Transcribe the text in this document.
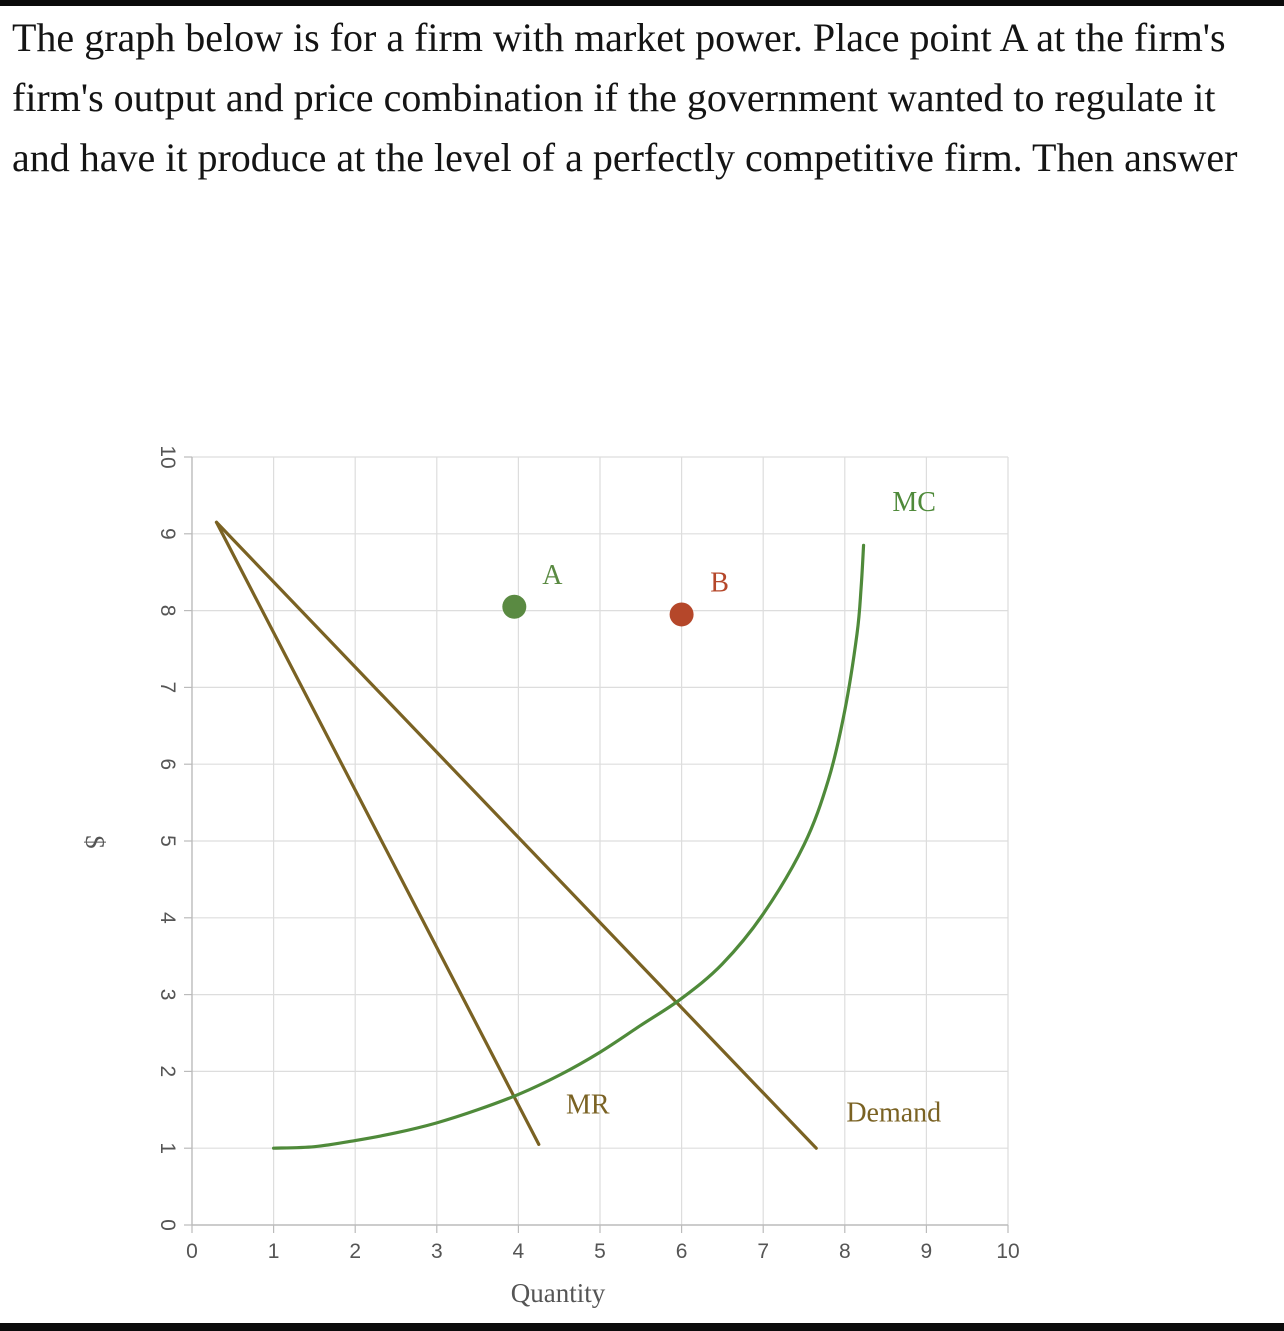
The graph below is for a firm with market power. Place point A at the firm's
firm's output and price combination if the government wanted to regulate it
and have it produce at the level of a perfectly competitive firm. Then answer
0	1	2	3	4	5	6	7	8	9	10
0
1
2
3
4
5
6
7
8
9
10
MC
Demand
MR
A	B
Quantity
$
